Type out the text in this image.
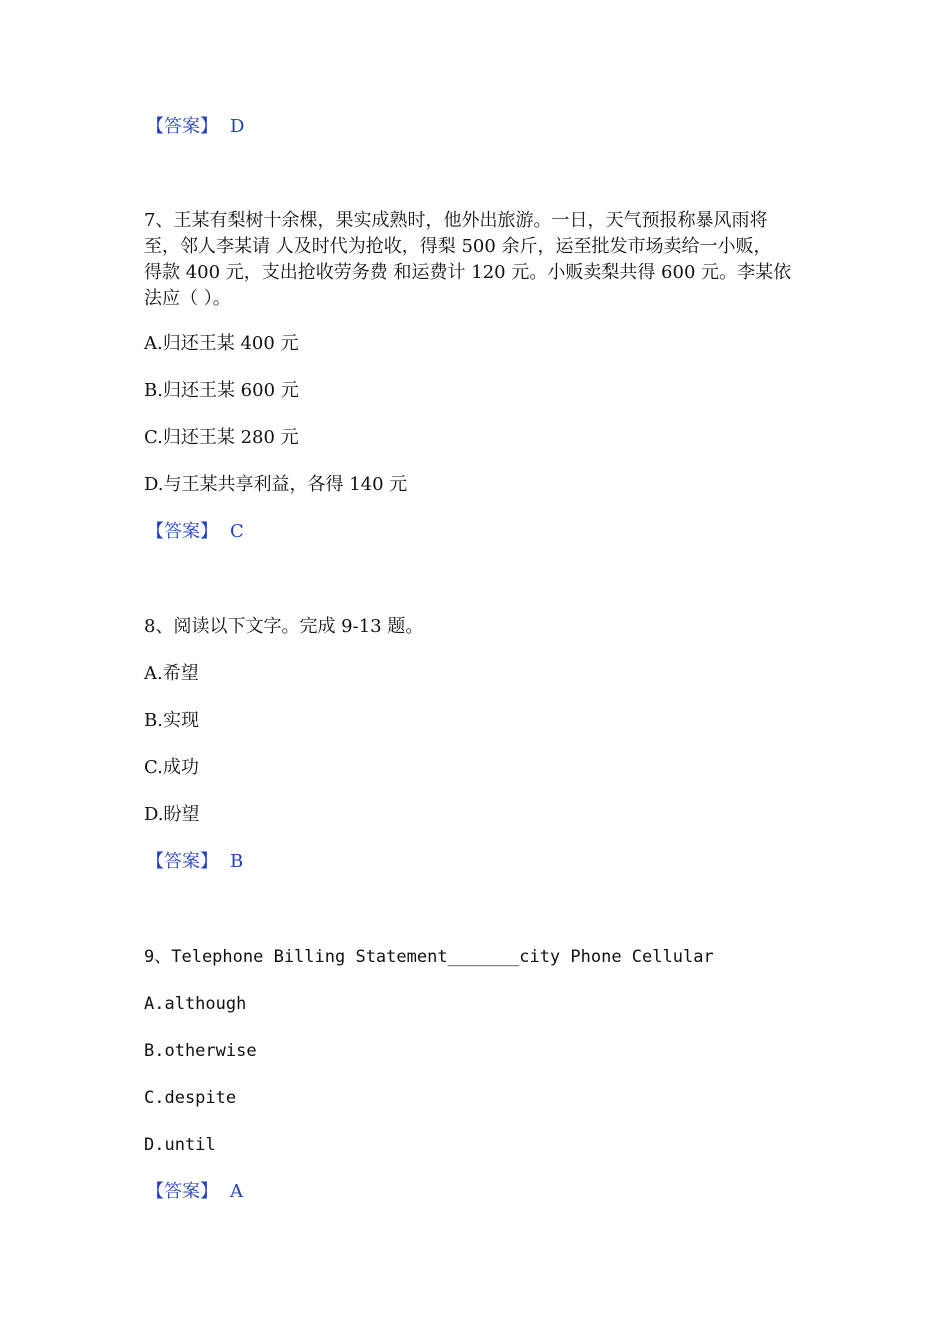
【答案】 D
7、王某有梨树十余棵，果实成熟时，他外出旅游。一日，天气预报称暴风雨将
至，邻人李某请 人及时代为抢收，得梨 500 余斤，运至批发市场卖给一小贩，
得款 400 元，支出抢收劳务费 和运费计 120 元。小贩卖梨共得 600 元。李某依
法应（ ）。
A.归还王某 400 元
B.归还王某 600 元
C.归还王某 280 元
D.与王某共享利益，各得 140 元
【答案】 C
8、阅读以下文字。完成 9-13 题。
A.希望
B.实现
C.成功
D.盼望
【答案】 B
9、Telephone Billing Statement_______city Phone Cellular
A.although
B.otherwise
C.despite
D.until
【答案】 A
